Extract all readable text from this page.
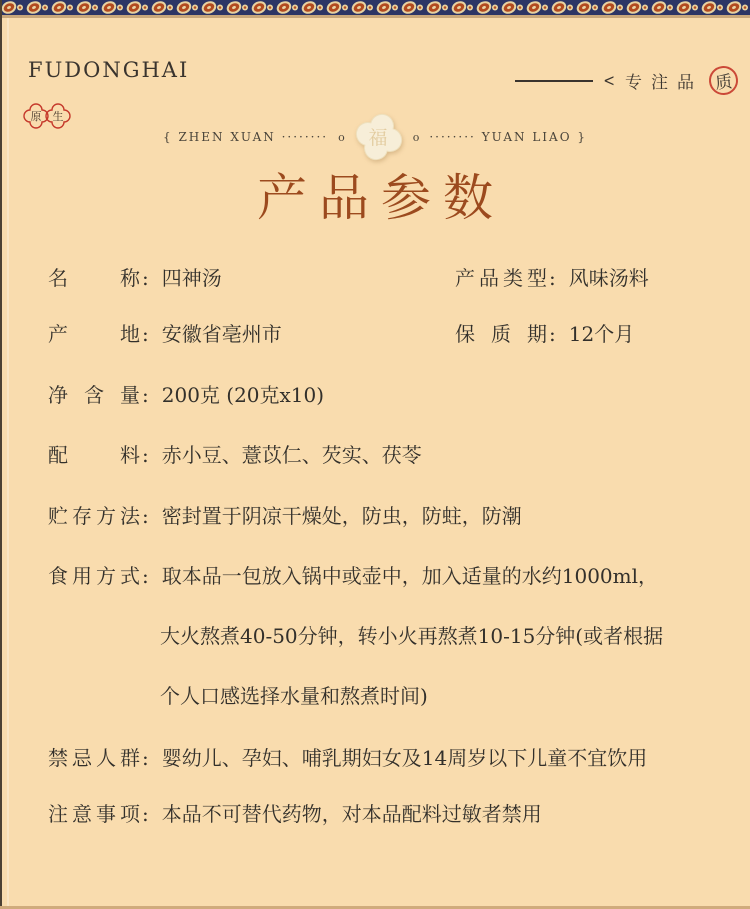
FUDONGHAI	< 专注品 质
原 生
{ ZHEN XUAN ········ o 福 o ········ YUAN LIAO }
产品参数
名称 : 四神汤	产品类型 : 风味汤料
产地 : 安徽省亳州市	保质期 : 12个月
净含量 : 200克 (20克x10)
配料 : 赤小豆、薏苡仁、芡实、茯苓
贮存方法 : 密封置于阴凉干燥处，防虫，防蛀，防潮
食用方式 : 取本品一包放入锅中或壶中，加入适量的水约1000ml，
大火熬煮40-50分钟，转小火再熬煮10-15分钟(或者根据
个人口感选择水量和熬煮时间)
禁忌人群 : 婴幼儿、孕妇、哺乳期妇女及14周岁以下儿童不宜饮用
注意事项 : 本品不可替代药物，对本品配料过敏者禁用
